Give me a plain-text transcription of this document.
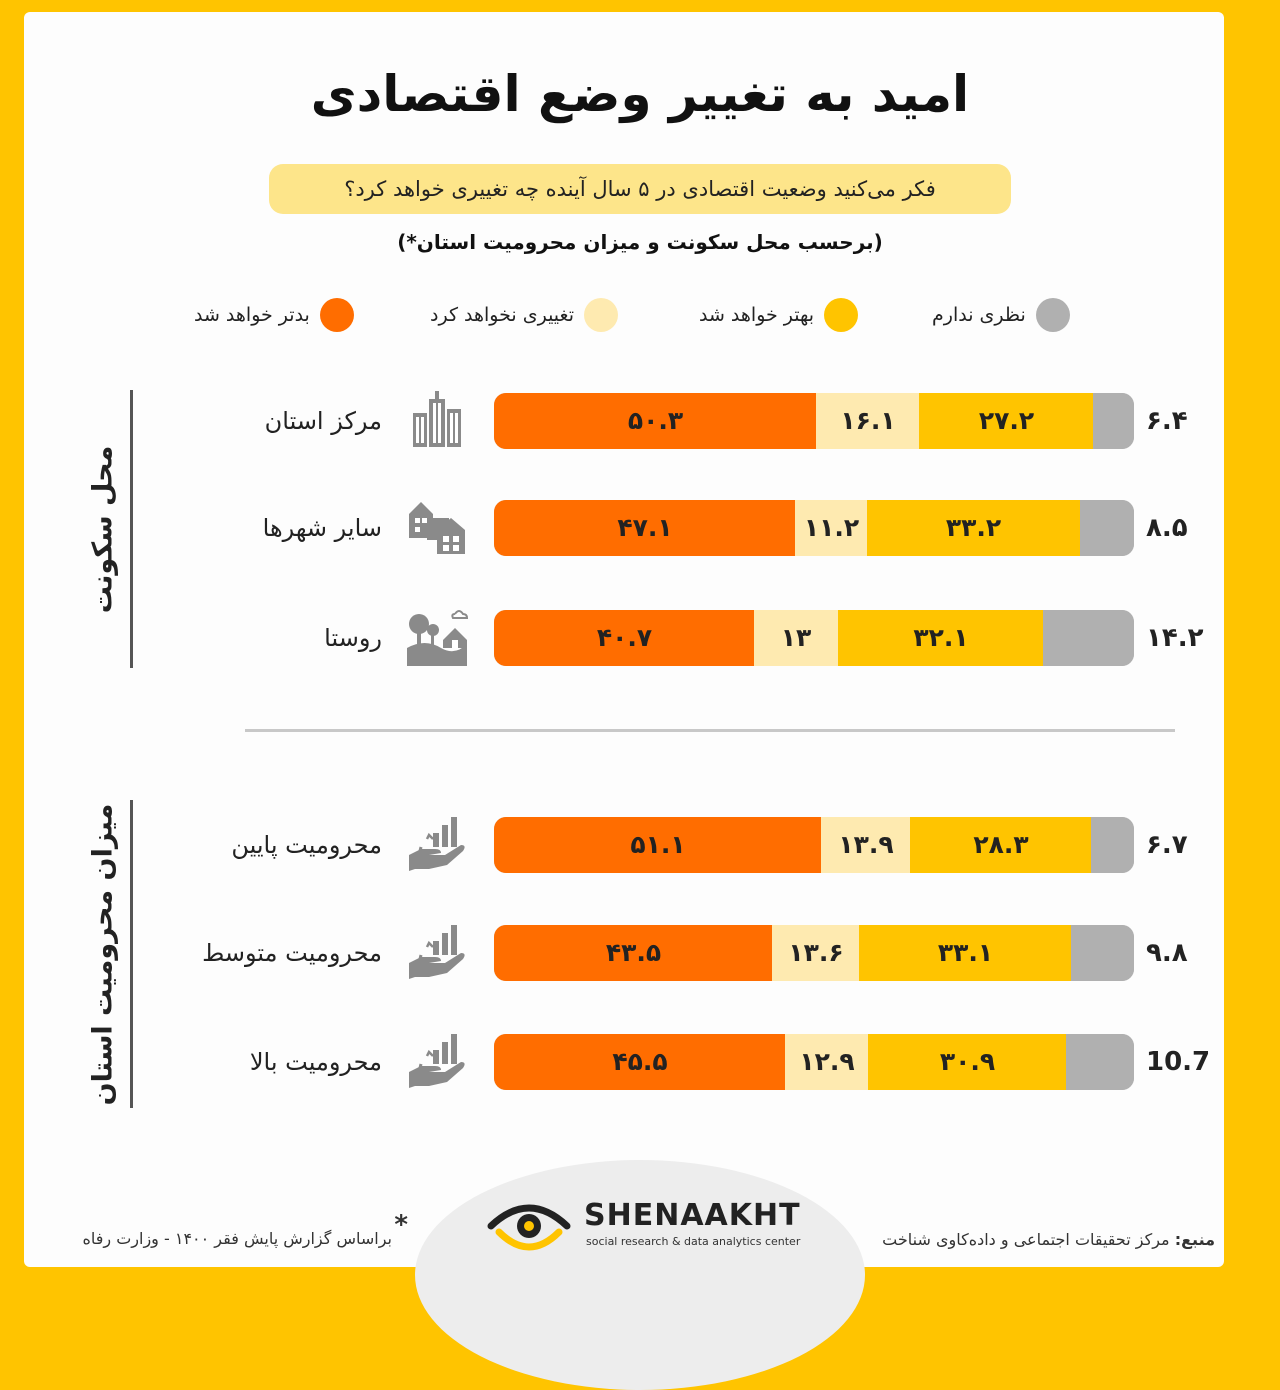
امید به تغییر وضع اقتصادی
فکر می‌کنید وضعیت اقتصادی در ۵ سال آینده چه تغییری خواهد کرد؟
(برحسب محل سکونت و میزان محرومیت استان*)
بدتر خواهد شد	تغییری نخواهد کرد	بهتر خواهد شد	نظری ندارم
محل سکونت
میزان محرومیت استان
مرکز استان	۵۰.۳	۱۶.۱	۲۷.۲	۶.۴
سایر شهرها	۴۷.۱	۱۱.۲	۳۳.۲	۸.۵
روستا	۴۰.۷	۱۳	۳۲.۱	۱۴.۲
محرومیت پایین	۵۱.۱	۱۳.۹	۲۸.۳	۶.۷
محرومیت متوسط	۴۳.۵	۱۳.۶	۳۳.۱	۹.۸
محرومیت بالا	۴۵.۵	۱۲.۹	۳۰.۹	10.7
SHENAAKHT
social research & data analytics center	منبع: مرکز تحقیقات اجتماعی و داده‌کاوی شناخت
*
براساس گزارش پایش فقر ۱۴۰۰ - وزارت رفاه
